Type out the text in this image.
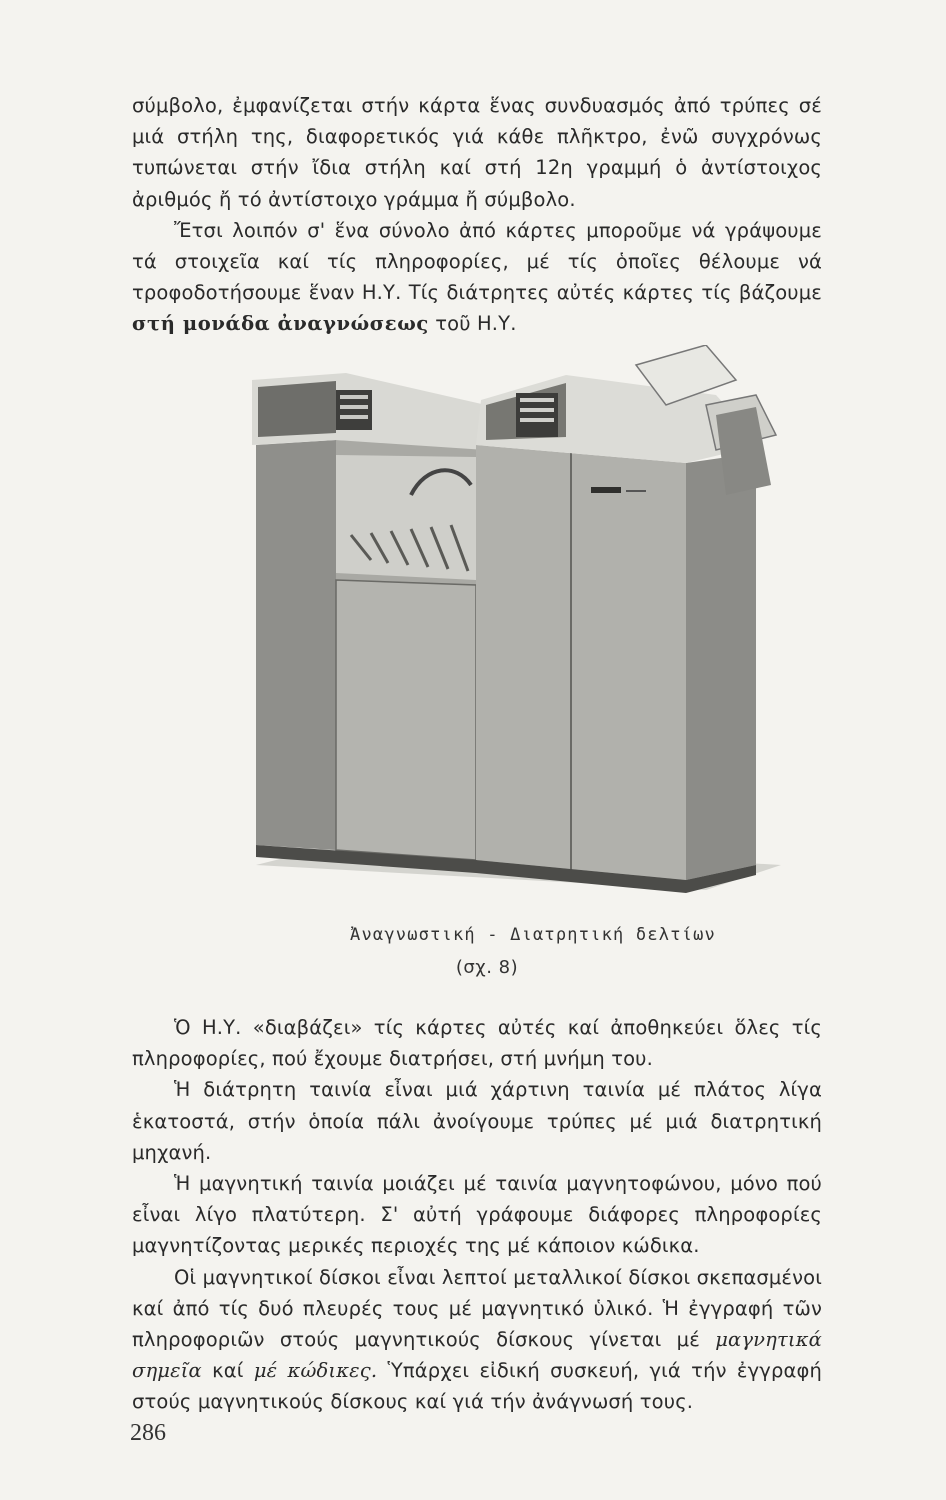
σύμβολο, ἐμφανίζεται στήν κάρτα ἕνας συνδυασμός ἀπό τρύπες σέ μιά στήλη της, διαφορετικός γιά κάθε πλῆκτρο, ἐνῶ συγχρόνως τυπώνεται στήν ἴδια στήλη καί στή 12η γραμμή ὁ ἀντίστοιχος ἀριθμός ἤ τό ἀντίστοιχο γράμμα ἤ σύμβολο.

Ἔτσι λοιπόν σ' ἕνα σύνολο ἀπό κάρτες μποροῦμε νά γράψουμε τά στοιχεῖα καί τίς πληροφορίες, μέ τίς ὁποῖες θέλουμε νά τροφοδοτήσουμε ἕναν Η.Υ. Τίς διάτρητες αὐτές κάρτες τίς βάζουμε στή μονάδα ἀναγνώσεως τοῦ Η.Υ.

Ἀναγνωστική - Διατρητική δελτίων
(σχ. 8)

Ὁ Η.Υ. «διαβάζει» τίς κάρτες αὐτές καί ἀποθηκεύει ὅλες τίς πληροφορίες, πού ἔχουμε διατρήσει, στή μνήμη του.

Ἡ διάτρητη ταινία εἶναι μιά χάρτινη ταινία μέ πλάτος λίγα ἑκατοστά, στήν ὁποία πάλι ἀνοίγουμε τρύπες μέ μιά διατρητική μηχανή.

Ἡ μαγνητική ταινία μοιάζει μέ ταινία μαγνητοφώνου, μόνο πού εἶναι λίγο πλατύτερη. Σ' αὐτή γράφουμε διάφορες πληροφορίες μαγνητίζοντας μερικές περιοχές της μέ κάποιον κώδικα.

Οἱ μαγνητικοί δίσκοι εἶναι λεπτοί μεταλλικοί δίσκοι σκεπασμένοι καί ἀπό τίς δυό πλευρές τους μέ μαγνητικό ὑλικό. Ἡ ἐγγραφή τῶν πληροφοριῶν στούς μαγνητικούς δίσκους γίνεται μέ μαγνητικά σημεῖα καί μέ κώδικες. Ὑπάρχει εἰδική συσκευή, γιά τήν ἐγγραφή στούς μαγνητικούς δίσκους καί γιά τήν ἀνάγνωσή τους.

286
